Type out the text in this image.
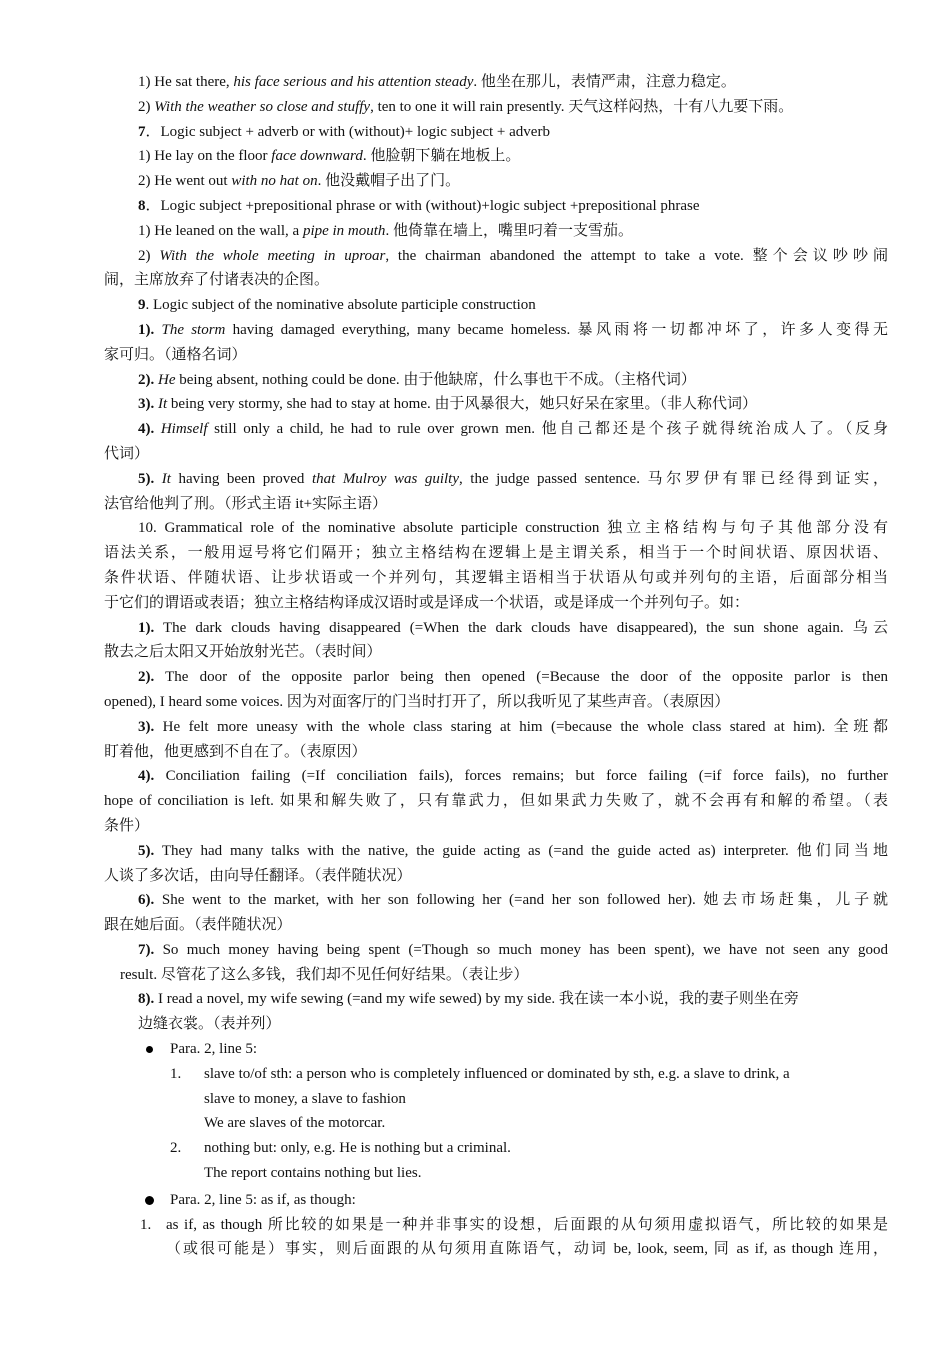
1) He sat there, his face serious and his attention steady. 他坐在那儿，表情严肃，注意力稳定。
2) With the weather so close and stuffy, ten to one it will rain presently. 天气这样闷热，十有八九要下雨。
7．Logic subject + adverb or with (without)+ logic subject + adverb
1) He lay on the floor face downward. 他脸朝下躺在地板上。
2) He went out with no hat on. 他没戴帽子出了门。
8．Logic subject +prepositional phrase or with (without)+logic subject +prepositional phrase
1) He leaned on the wall, a pipe in mouth. 他倚靠在墙上，嘴里叼着一支雪茄。
2) With the whole meeting in uproar, the chairman abandoned the attempt to take a vote. 整个会议吵吵闹
闹，主席放弃了付诸表决的企图。
9. Logic subject of the nominative absolute participle construction
1). The storm having damaged everything, many became homeless. 暴风雨将一切都冲坏了，许多人变得无
家可归。（通格名词）
2). He being absent, nothing could be done. 由于他缺席，什么事也干不成。（主格代词）
3). It being very stormy, she had to stay at home. 由于风暴很大，她只好呆在家里。（非人称代词）
4). Himself still only a child, he had to rule over grown men. 他自己都还是个孩子就得统治成人了。（反身
代词）
5). It having been proved that Mulroy was guilty, the judge passed sentence. 马尔罗伊有罪已经得到证实，
法官给他判了刑。（形式主语 it+实际主语）
10. Grammatical role of the nominative absolute participle construction 独立主格结构与句子其他部分没有
语法关系，一般用逗号将它们隔开；独立主格结构在逻辑上是主谓关系，相当于一个时间状语、原因状语、
条件状语、伴随状语、让步状语或一个并列句，其逻辑主语相当于状语从句或并列句的主语，后面部分相当
于它们的谓语或表语；独立主格结构译成汉语时或是译成一个状语，或是译成一个并列句子。如：
1). The dark clouds having disappeared (=When the dark clouds have disappeared), the sun shone again. 乌云
散去之后太阳又开始放射光芒。（表时间）
2). The door of the opposite parlor being then opened (=Because the door of the opposite parlor is then
opened), I heard some voices. 因为对面客厅的门当时打开了，所以我听见了某些声音。（表原因）
3). He felt more uneasy with the whole class staring at him (=because the whole class stared at him). 全班都
盯着他，他更感到不自在了。（表原因）
4). Conciliation failing (=If conciliation fails), forces remains; but force failing (=if force fails), no further
hope of conciliation is left. 如果和解失败了，只有靠武力，但如果武力失败了，就不会再有和解的希望。（表
条件）
5). They had many talks with the native, the guide acting as (=and the guide acted as) interpreter. 他们同当地
人谈了多次话，由向导任翻译。（表伴随状况）
6). She went to the market, with her son following her (=and her son followed her). 她去市场赶集，儿子就
跟在她后面。（表伴随状况）
7). So much money having being spent (=Though so much money has been spent), we have not seen any good
result. 尽管花了这么多钱，我们却不见任何好结果。（表让步）
8). I read a novel, my wife sewing (=and my wife sewed) by my side. 我在读一本小说，我的妻子则坐在旁
边缝衣裳。（表并列）
Para. 2, line 5:
1. slave to/of sth: a person who is completely influenced or dominated by sth, e.g. a slave to drink, a
slave to money, a slave to fashion
We are slaves of the motorcar.
2. nothing but: only, e.g. He is nothing but a criminal.
The report contains nothing but lies.
Para. 2, line 5: as if, as though:
1. as if, as though 所比较的如果是一种并非事实的设想，后面跟的从句须用虚拟语气，所比较的如果是
（或很可能是）事实，则后面跟的从句须用直陈语气，动词 be, look, seem, 同 as if, as though 连用，
